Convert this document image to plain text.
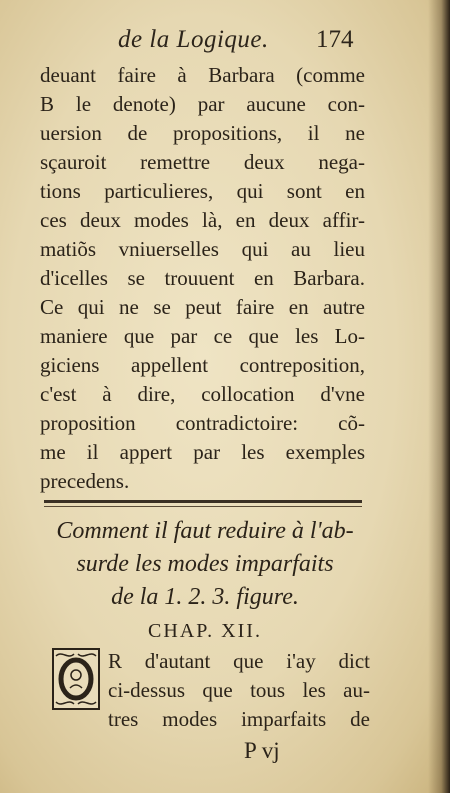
de la Logique. 174
deuant faire à Barbara (comme
B le denote) par aucune con-
uersion de propositions, il ne
sçauroit remettre deux nega-
tions particulieres, qui sont en
ces deux modes là, en deux affir-
matiõs vniuerselles qui au lieu
d'icelles se trouuent en Barbara.
Ce qui ne se peut faire en autre
maniere que par ce que les Lo-
giciens appellent contreposition,
c'est à dire, collocation d'vne
proposition contradictoire: cõ-
me il appert par les exemples
precedens.
Comment il faut reduire à l'ab-
surde les modes imparfaits
de la 1. 2. 3. figure.
CHAP. XII.
R d'autant que i'ay dict
ci-dessus que tous les au-
tres modes imparfaits de
P vj
